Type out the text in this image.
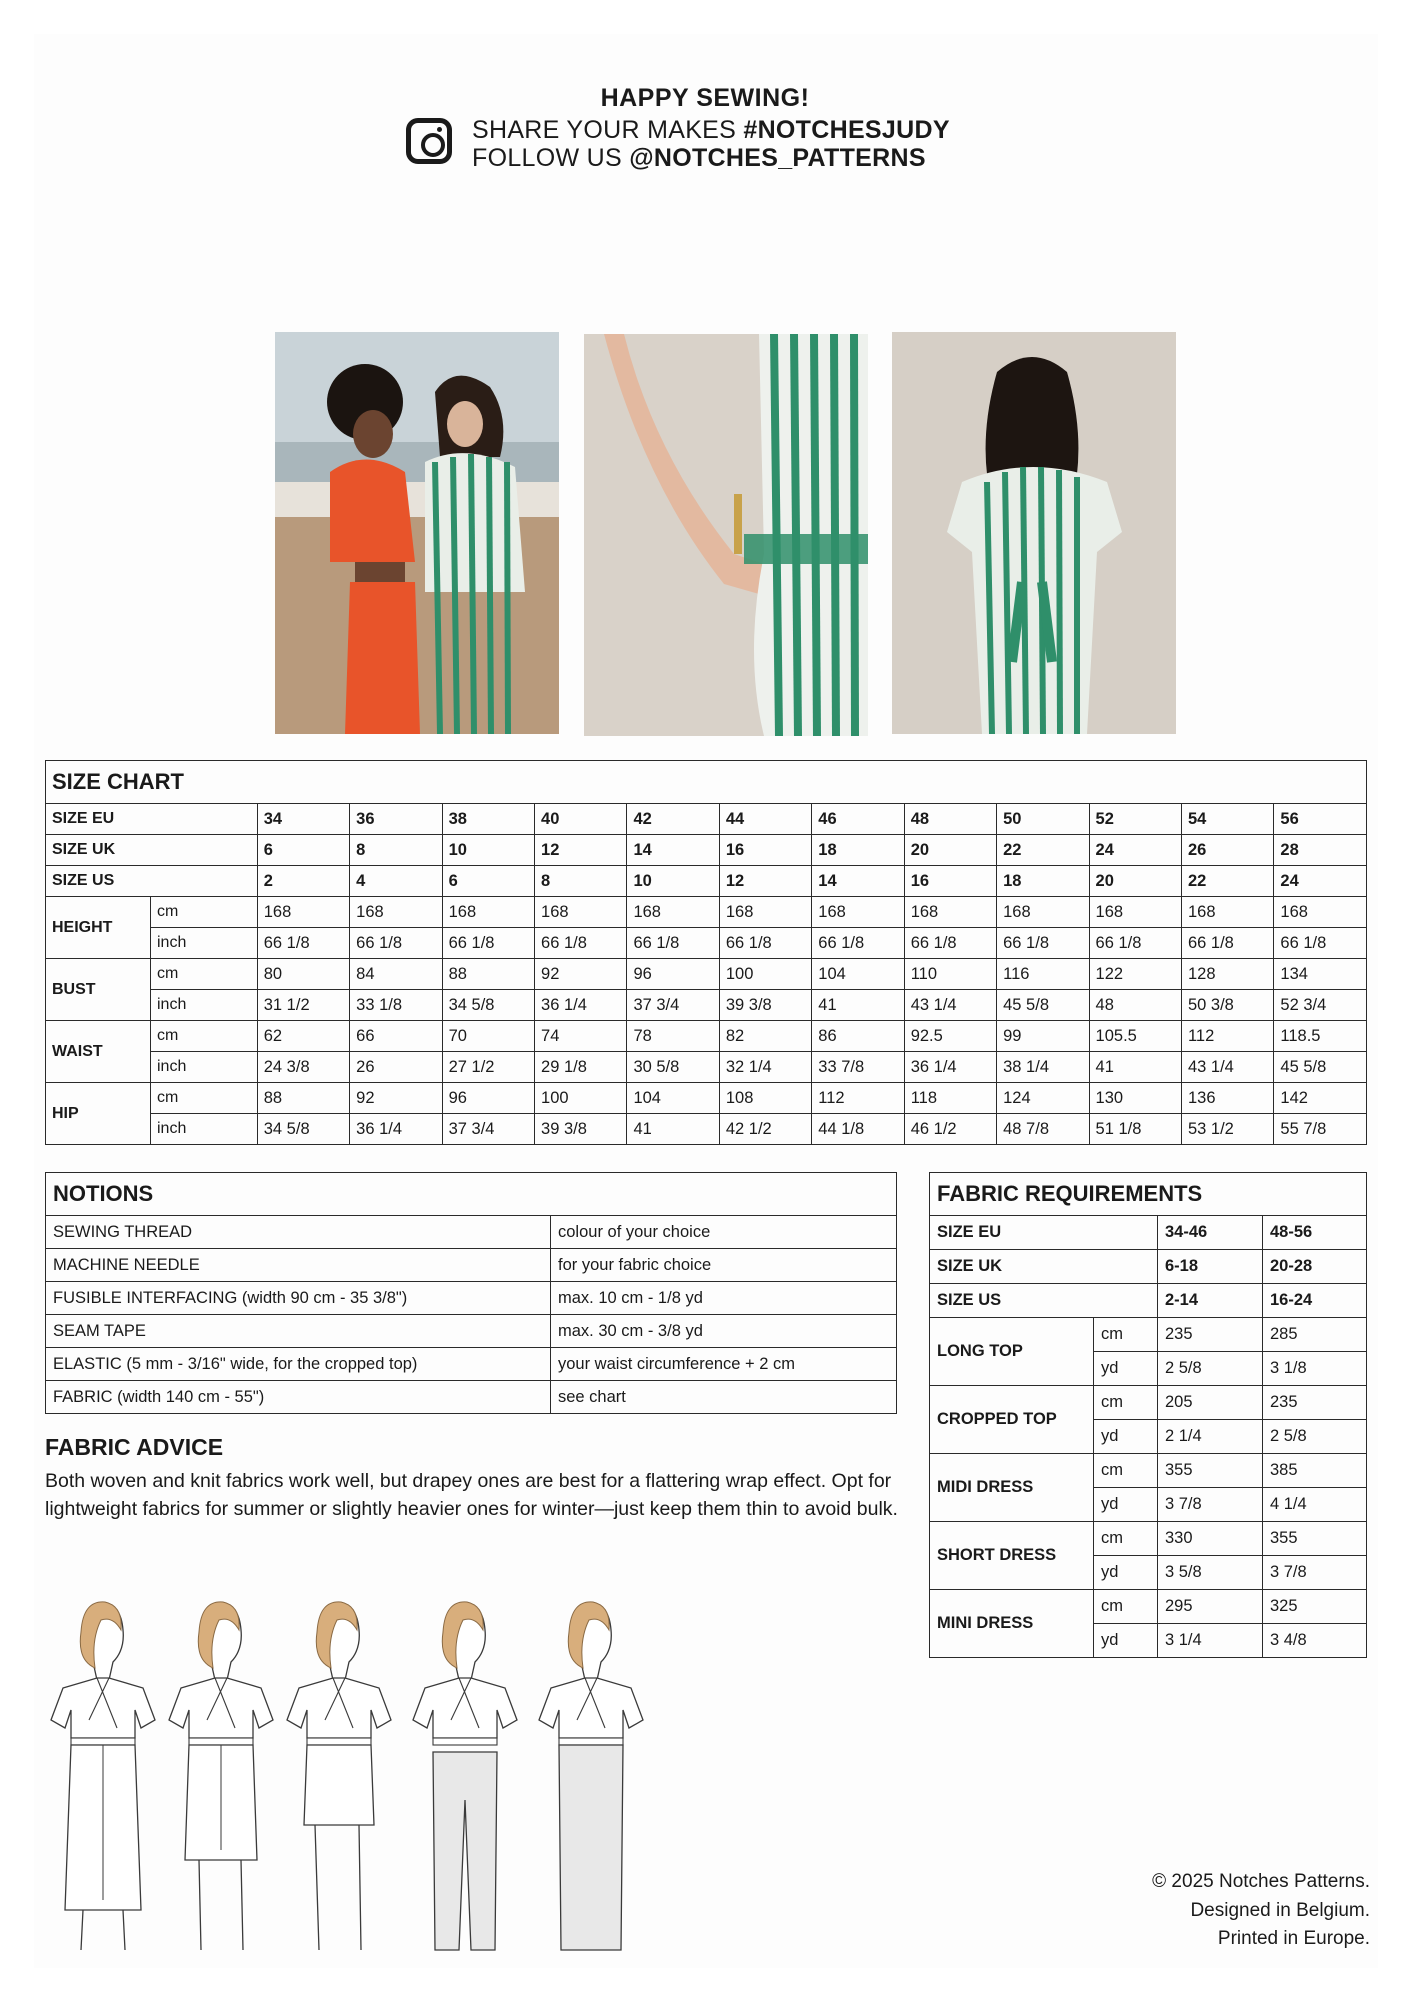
HAPPY SEWING!
SHARE YOUR MAKES #NOTCHESJUDY
FOLLOW US @NOTCHES_PATTERNS
SIZE CHART													
SIZE EU		34	36	38	40	42	44	46	48	50	52	54	56
SIZE UK		6	8	10	12	14	16	18	20	22	24	26	28
SIZE US		2	4	6	8	10	12	14	16	18	20	22	24
HEIGHT	cm	168	168	168	168	168	168	168	168	168	168	168	168
	inch	66 1/8	66 1/8	66 1/8	66 1/8	66 1/8	66 1/8	66 1/8	66 1/8	66 1/8	66 1/8	66 1/8	66 1/8
BUST	cm	80	84	88	92	96	100	104	110	116	122	128	134
	inch	31 1/2	33 1/8	34 5/8	36 1/4	37 3/4	39 3/8	41	43 1/4	45 5/8	48	50 3/8	52 3/4
WAIST	cm	62	66	70	74	78	82	86	92.5	99	105.5	112	118.5
	inch	24 3/8	26	27 1/2	29 1/8	30 5/8	32 1/4	33 7/8	36 1/4	38 1/4	41	43 1/4	45 5/8
HIP	cm	88	92	96	100	104	108	112	118	124	130	136	142
	inch	34 5/8	36 1/4	37 3/4	39 3/8	41	42 1/2	44 1/8	46 1/2	48 7/8	51 1/8	53 1/2	55 7/8
NOTIONS	
SEWING THREAD	colour of your choice
MACHINE NEEDLE	for your fabric choice
FUSIBLE INTERFACING (width 90 cm - 35 3/8")	max. 10 cm - 1/8 yd
SEAM TAPE	max. 30 cm - 3/8 yd
ELASTIC (5 mm - 3/16" wide, for the cropped top)	your waist circumference + 2 cm
FABRIC (width 140 cm - 55")	see chart
FABRIC REQUIREMENTS			
SIZE EU		34-46	48-56
SIZE UK		6-18	20-28
SIZE US		2-14	16-24
LONG TOP	cm	235	285
	yd	2 5/8	3 1/8
CROPPED TOP	cm	205	235
	yd	2 1/4	2 5/8
MIDI DRESS	cm	355	385
	yd	3 7/8	4 1/4
SHORT DRESS	cm	330	355
	yd	3 5/8	3 7/8
MINI DRESS	cm	295	325
	yd	3 1/4	3 4/8
FABRIC ADVICE

Both woven and knit fabrics work well, but drapey ones are best for a flattering wrap effect. Opt for lightweight fabrics for summer or slightly heavier ones for winter—just keep them thin to avoid bulk.

© 2025 Notches Patterns.
Designed in Belgium.
Printed in Europe.
